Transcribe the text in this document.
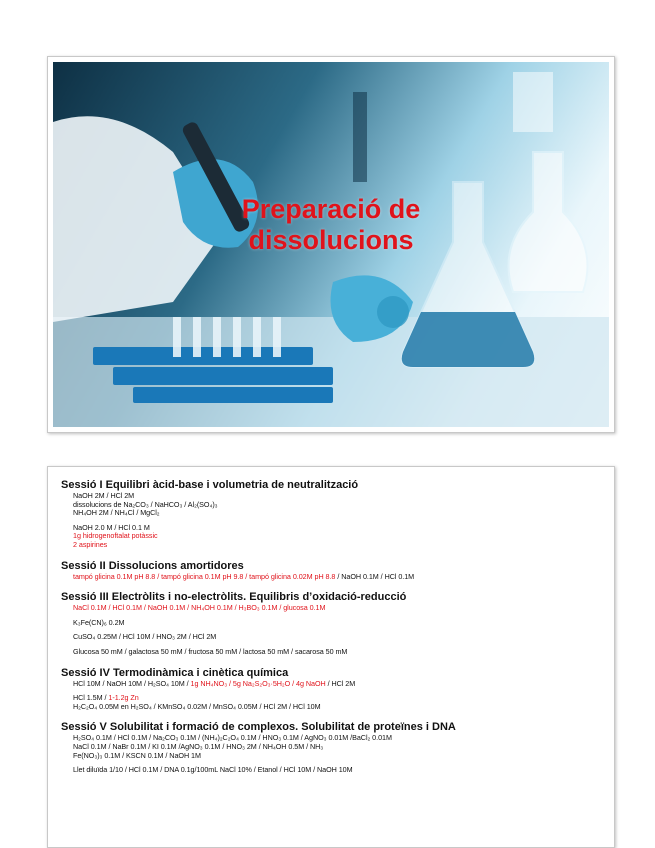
Preparació de
dissolucions
Sessió I Equilibri àcid-base i volumetria de neutralització
NaOH 2M / HCl 2M
dissolucions de Na₂CO₃ / NaHCO₃ / Al₂(SO₄)₃
NH₄OH 2M / NH₄Cl / MgCl₂
NaOH 2.0 M / HCl 0.1 M
1g hidrogenoftalat potàssic
2 aspirines
Sessió II Dissolucions amortidores
tampó glicina 0.1M pH 8.8 / tampó glicina 0.1M pH 9.8 / tampó glicina 0.02M pH 8.8 / NaOH 0.1M / HCl 0.1M
Sessió III Electròlits i no-electròlits. Equilibris d’oxidació-reducció
NaCl 0.1M / HCl 0.1M / NaOH 0.1M / NH₄OH 0.1M / H₃BO₃ 0.1M / glucosa 0.1M
K₃Fe(CN)₆ 0.2M
CuSO₄ 0.25M / HCl 10M / HNO₃ 2M / HCl 2M
Glucosa 50 mM / galactosa 50 mM / fructosa 50 mM / lactosa 50 mM / sacarosa 50 mM
Sessió IV Termodinàmica i cinètica química
HCl 10M / NaOH 10M / H₂SO₄ 10M / 1g NH₄NO₃ / 5g Na₂S₂O₃·5H₂O / 4g NaOH / HCl 2M
HCl 1.5M / 1-1.2g Zn
H₂C₂O₄ 0.05M en H₂SO₄ / KMnSO₄ 0.02M / MnSO₄ 0.05M / HCl 2M / HCl 10M
Sessió V Solubilitat i formació de complexos. Solubilitat de proteïnes i DNA
H₂SO₄ 0.1M / HCl 0.1M / Na₂CO₃ 0.1M / (NH₄)₂C₂O₄ 0.1M / HNO₃ 0.1M / AgNO₃ 0.01M /BaCl₂ 0.01M
NaCl 0.1M / NaBr 0.1M / KI 0.1M /AgNO₃ 0.1M / HNO₃ 2M / NH₄OH 0.5M / NH₃
Fe(NO₃)₃ 0.1M / KSCN 0.1M / NaOH 1M
Llet diluïda 1/10 / HCl 0.1M / DNA 0.1g/100mL NaCl 10% / Etanol / HCl 10M / NaOH 10M
